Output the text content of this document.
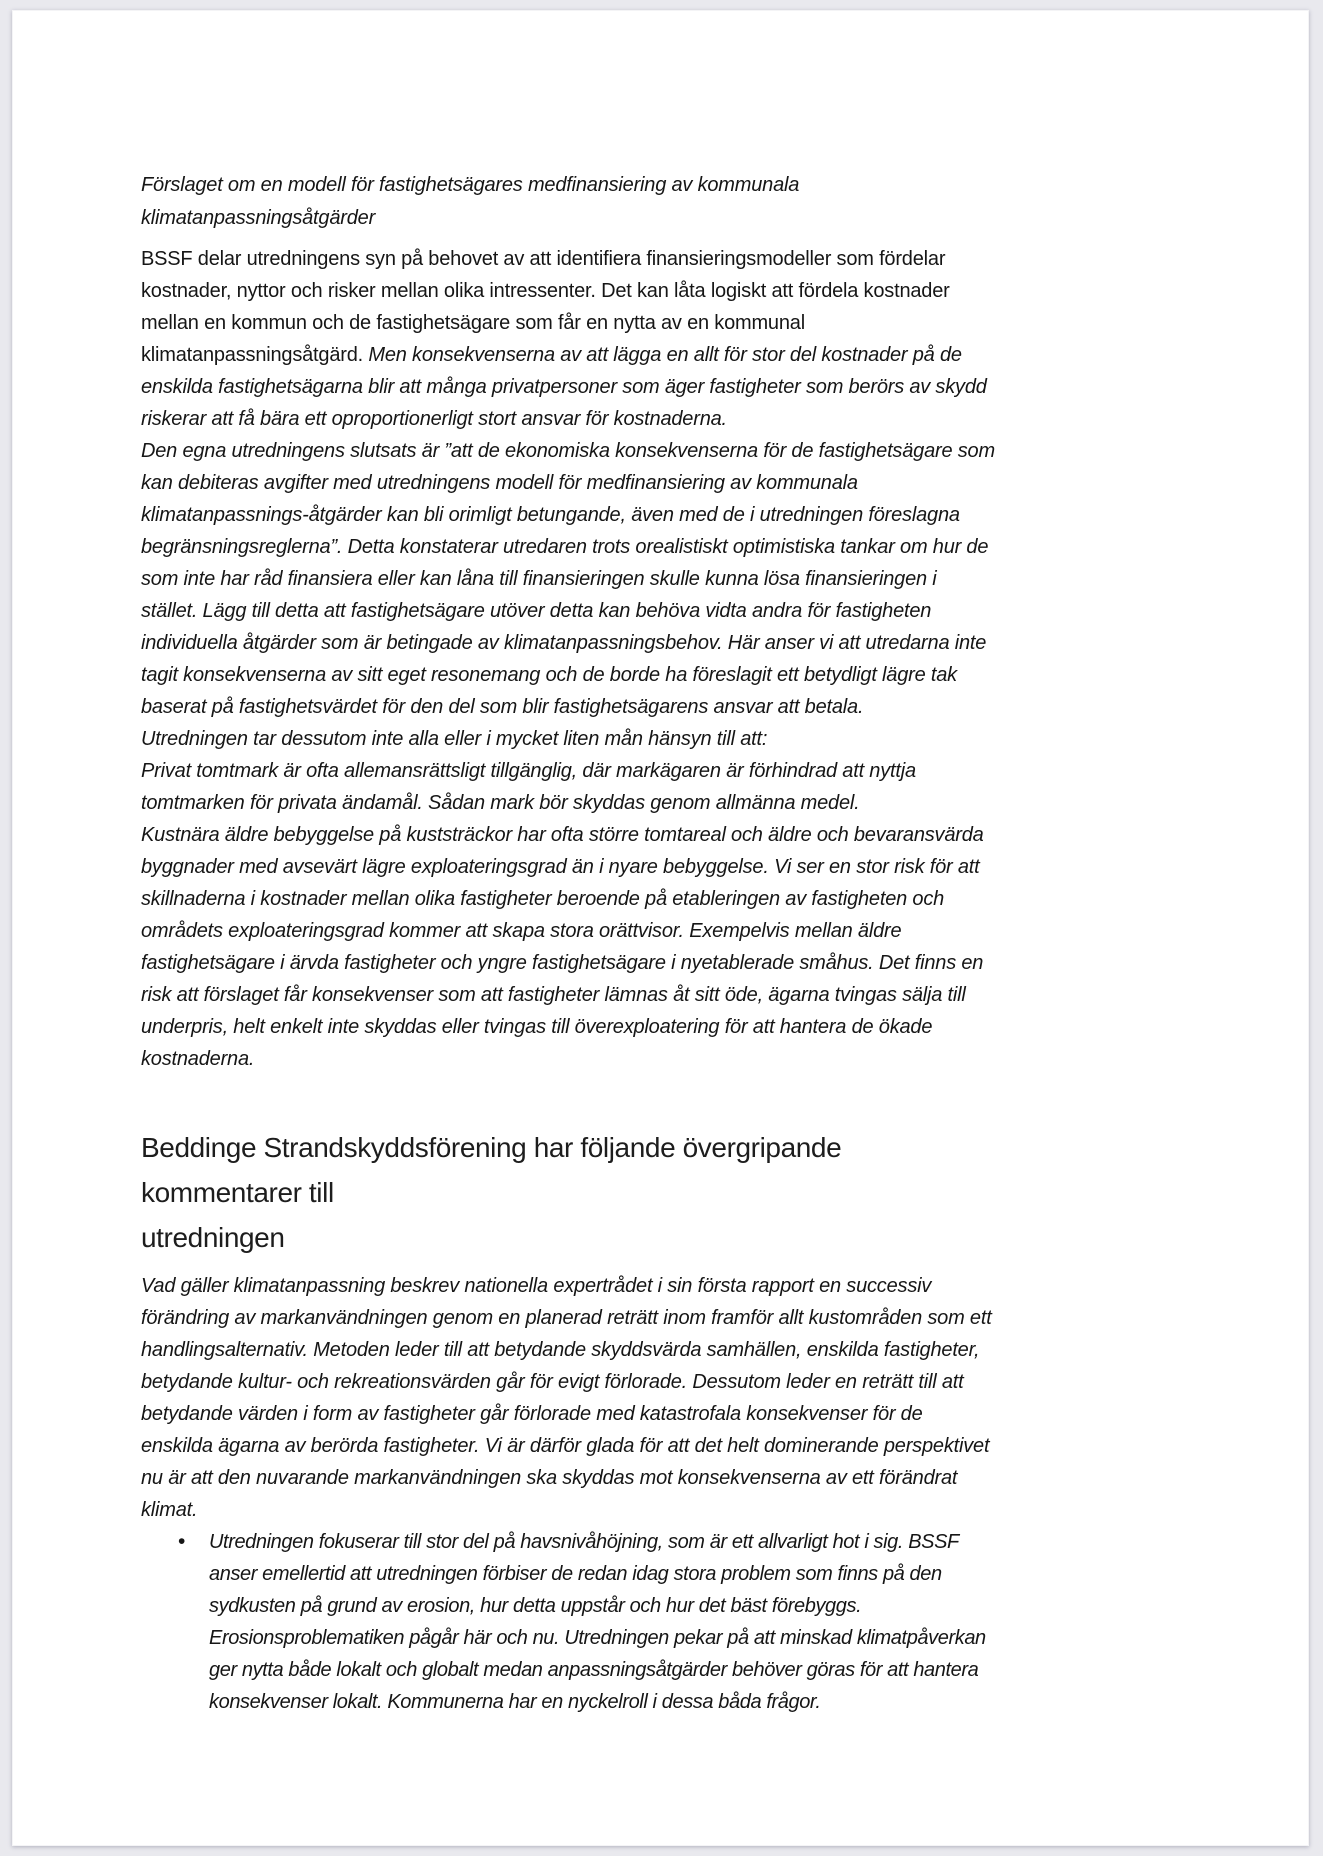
Förslaget om en modell för fastighetsägares medfinansiering av kommunala klimatanpassningsåtgärder

BSSF delar utredningens syn på behovet av att identifiera finansieringsmodeller som fördelar kostnader, nyttor och risker mellan olika intressenter. Det kan låta logiskt att fördela kostnader mellan en kommun och de fastighetsägare som får en nytta av en kommunal klimatanpassningsåtgärd. Men konsekvenserna av att lägga en allt för stor del kostnader på de enskilda fastighetsägarna blir att många privatpersoner som äger fastigheter som berörs av skydd riskerar att få bära ett oproportionerligt stort ansvar för kostnaderna.

Den egna utredningens slutsats är ”att de ekonomiska konsekvenserna för de fastighetsägare som kan debiteras avgifter med utredningens modell för medfinansiering av kommunala klimatanpassnings-åtgärder kan bli orimligt betungande, även med de i utredningen föreslagna begränsningsreglerna”. Detta konstaterar utredaren trots orealistiskt optimistiska tankar om hur de som inte har råd finansiera eller kan låna till finansieringen skulle kunna lösa finansieringen i stället. Lägg till detta att fastighetsägare utöver detta kan behöva vidta andra för fastigheten individuella åtgärder som är betingade av klimatanpassningsbehov. Här anser vi att utredarna inte tagit konsekvenserna av sitt eget resonemang och de borde ha föreslagit ett betydligt lägre tak baserat på fastighetsvärdet för den del som blir fastighetsägarens ansvar att betala.

Utredningen tar dessutom inte alla eller i mycket liten mån hänsyn till att:

Privat tomtmark är ofta allemansrättsligt tillgänglig, där markägaren är förhindrad att nyttja tomtmarken för privata ändamål. Sådan mark bör skyddas genom allmänna medel.

Kustnära äldre bebyggelse på kuststräckor har ofta större tomtareal och äldre och bevaransvärda byggnader med avsevärt lägre exploateringsgrad än i nyare bebyggelse. Vi ser en stor risk för att skillnaderna i kostnader mellan olika fastigheter beroende på etableringen av fastigheten och områdets exploateringsgrad kommer att skapa stora orättvisor. Exempelvis mellan äldre fastighetsägare i ärvda fastigheter och yngre fastighetsägare i nyetablerade småhus. Det finns en risk att förslaget får konsekvenser som att fastigheter lämnas åt sitt öde, ägarna tvingas sälja till underpris, helt enkelt inte skyddas eller tvingas till överexploatering för att hantera de ökade kostnaderna.

Beddinge Strandskyddsförening har följande övergripande kommentarer till
utredningen

Vad gäller klimatanpassning beskrev nationella expertrådet i sin första rapport en successiv förändring av markanvändningen genom en planerad reträtt inom framför allt kustområden som ett handlingsalternativ. Metoden leder till att betydande skyddsvärda samhällen, enskilda fastigheter, betydande kultur- och rekreationsvärden går för evigt förlorade. Dessutom leder en reträtt till att betydande värden i form av fastigheter går förlorade med katastrofala konsekvenser för de enskilda ägarna av berörda fastigheter. Vi är därför glada för att det helt dominerande perspektivet nu är att den nuvarande markanvändningen ska skyddas mot konsekvenserna av ett förändrat klimat.

•	Utredningen fokuserar till stor del på havsnivåhöjning, som är ett allvarligt hot i sig. BSSF anser emellertid att utredningen förbiser de redan idag stora problem som finns på den sydkusten på grund av erosion, hur detta uppstår och hur det bäst förebyggs. Erosionsproblematiken pågår här och nu. Utredningen pekar på att minskad klimatpåverkan ger nytta både lokalt och globalt medan anpassningsåtgärder behöver göras för att hantera konsekvenser lokalt. Kommunerna har en nyckelroll i dessa båda frågor.
